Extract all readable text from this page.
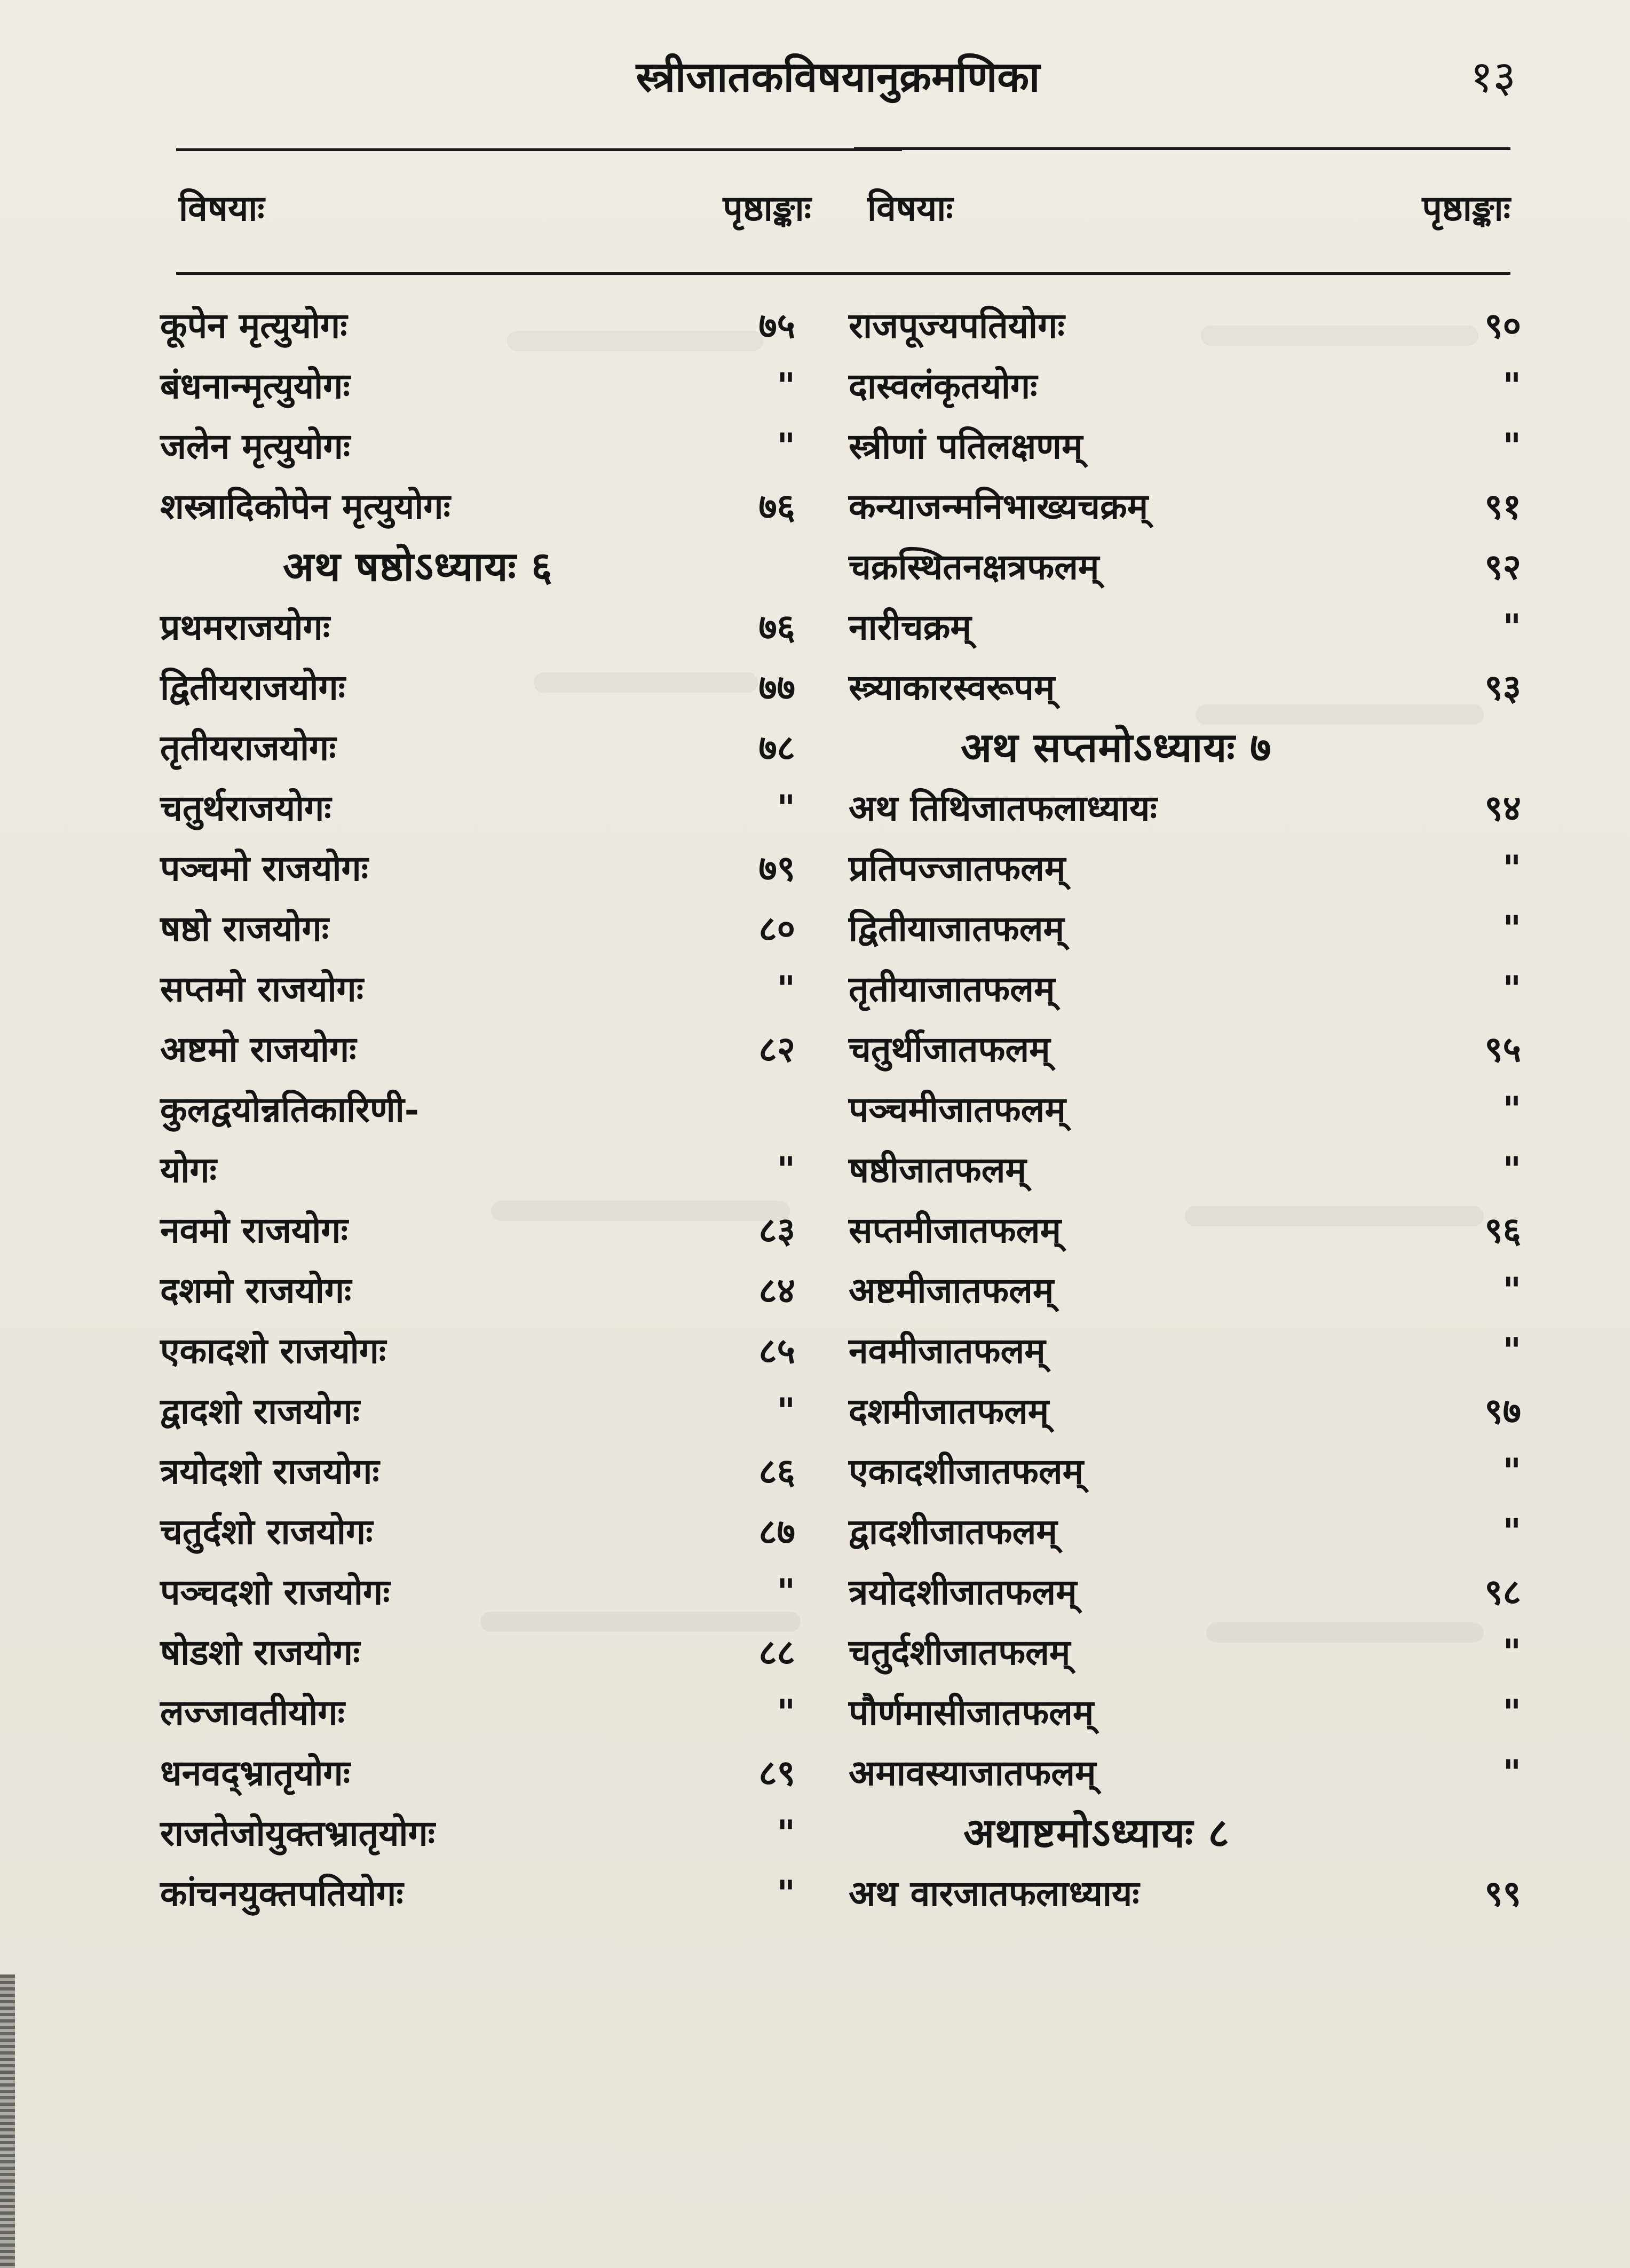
स्त्रीजातकविषयानुक्रमणिका	१३
विषयाः	पृष्ठाङ्काः विषयाः	पृष्ठाङ्काः
कूपेन मृत्युयोगः	७५
बंधनान्मृत्युयोगः	"
जलेन मृत्युयोगः	"
शस्त्रादिकोपेन मृत्युयोगः	७६
अथ षष्ठोऽध्यायः ६
प्रथमराजयोगः	७६
द्वितीयराजयोगः	७७
तृतीयराजयोगः	७८
चतुर्थराजयोगः	"
पञ्चमो राजयोगः	७९
षष्ठो राजयोगः	८०
सप्तमो राजयोगः	"
अष्टमो राजयोगः	८२
कुलद्वयोन्नतिकारिणी-
योगः	"
नवमो राजयोगः	८३
दशमो राजयोगः	८४
एकादशो राजयोगः	८५
द्वादशो राजयोगः	"
त्रयोदशो राजयोगः	८६
चतुर्दशो राजयोगः	८७
पञ्चदशो राजयोगः	"
षोडशो राजयोगः	८८
लज्जावतीयोगः	"
धनवद्भ्रातृयोगः	८९
राजतेजोयुक्तभ्रातृयोगः	"
कांचनयुक्तपतियोगः	"
राजपूज्यपतियोगः	९०
दास्वलंकृतयोगः	"
स्त्रीणां पतिलक्षणम्	"
कन्याजन्मनिभाख्यचक्रम्	९१
चक्रस्थितनक्षत्रफलम्	९२
नारीचक्रम्	"
स्त्र्याकारस्वरूपम्	९३
अथ सप्तमोऽध्यायः ७
अथ तिथिजातफलाध्यायः	९४
प्रतिपज्जातफलम्	"
द्वितीयाजातफलम्	"
तृतीयाजातफलम्	"
चतुर्थीजातफलम्	९५
पञ्चमीजातफलम्	"
षष्ठीजातफलम्	"
सप्तमीजातफलम्	९६
अष्टमीजातफलम्	"
नवमीजातफलम्	"
दशमीजातफलम्	९७
एकादशीजातफलम्	"
द्वादशीजातफलम्	"
त्रयोदशीजातफलम्	९८
चतुर्दशीजातफलम्	"
पौर्णमासीजातफलम्	"
अमावस्याजातफलम्	"
अथाष्टमोऽध्यायः ८
अथ वारजातफलाध्यायः	९९
